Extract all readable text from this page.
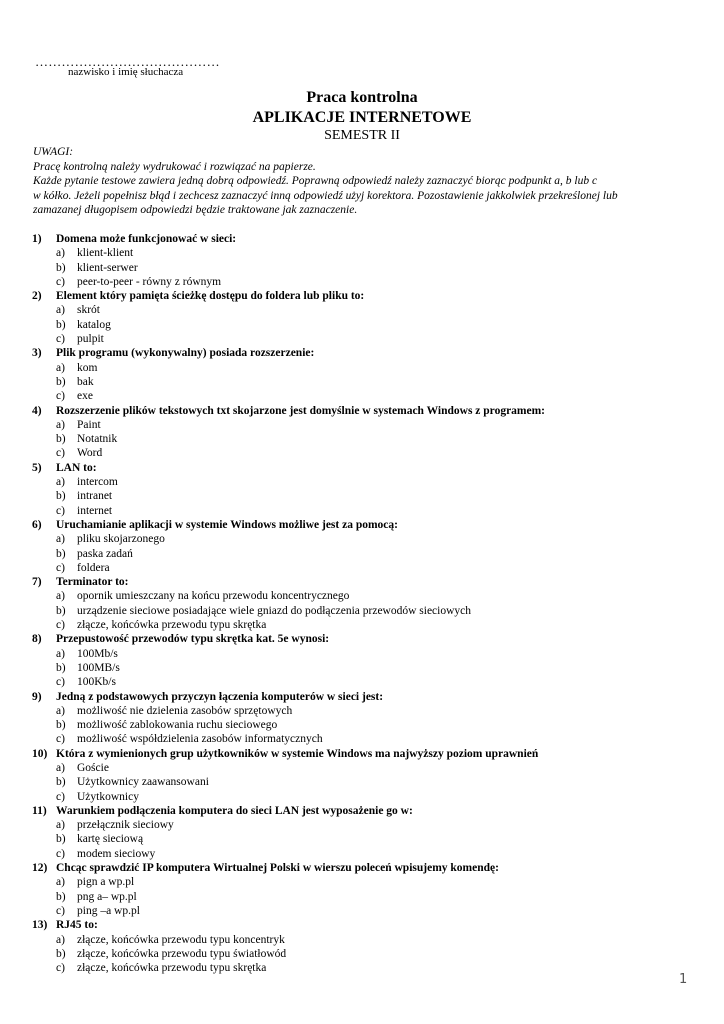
……………………………………
nazwisko i imię słuchacza
Praca kontrolna
APLIKACJE INTERNETOWE
SEMESTR II
UWAGI:
Pracę kontrolną należy wydrukować i rozwiązać na papierze.
Każde pytanie testowe zawiera jedną dobrą odpowiedź. Poprawną odpowiedź należy zaznaczyć biorąc podpunkt a, b lub c
w kółko. Jeżeli popełnisz błąd i zechcesz zaznaczyć inną odpowiedź użyj korektora. Pozostawienie jakkolwiek przekreślonej lub
zamazanej długopisem odpowiedzi będzie traktowane jak zaznaczenie.
1) Domena może funkcjonować w sieci:
a) klient-klient
b) klient-serwer
c) peer-to-peer - równy z równym
2) Element który pamięta ścieżkę dostępu do foldera lub pliku to:
a) skrót
b) katalog
c) pulpit
3) Plik programu (wykonywalny) posiada rozszerzenie:
a) kom
b) bak
c) exe
4) Rozszerzenie plików tekstowych txt skojarzone jest domyślnie w systemach Windows z programem:
a) Paint
b) Notatnik
c) Word
5) LAN to:
a) intercom
b) intranet
c) internet
6) Uruchamianie aplikacji w systemie Windows możliwe jest za pomocą:
a) pliku skojarzonego
b) paska zadań
c) foldera
7) Terminator to:
a) opornik umieszczany na końcu przewodu koncentrycznego
b) urządzenie sieciowe posiadające wiele gniazd do podłączenia przewodów sieciowych
c) złącze, końcówka przewodu typu skrętka
8) Przepustowość przewodów typu skrętka kat. 5e wynosi:
a) 100Mb/s
b) 100MB/s
c) 100Kb/s
9) Jedną z podstawowych przyczyn łączenia komputerów w sieci jest:
a) możliwość nie dzielenia zasobów sprzętowych
b) możliwość zablokowania ruchu sieciowego
c) możliwość współdzielenia zasobów informatycznych
10) Która z wymienionych grup użytkowników w systemie Windows ma najwyższy poziom uprawnień
a) Goście
b) Użytkownicy zaawansowani
c) Użytkownicy
11) Warunkiem podłączenia komputera do sieci LAN jest wyposażenie go w:
a) przełącznik sieciowy
b) kartę sieciową
c) modem sieciowy
12) Chcąc sprawdzić IP komputera Wirtualnej Polski w wierszu poleceń wpisujemy komendę:
a) pign a wp.pl
b) png a– wp.pl
c) ping –a wp.pl
13) RJ45 to:
a) złącze, końcówka przewodu typu koncentryk
b) złącze, końcówka przewodu typu światłowód
c) złącze, końcówka przewodu typu skrętka
1
